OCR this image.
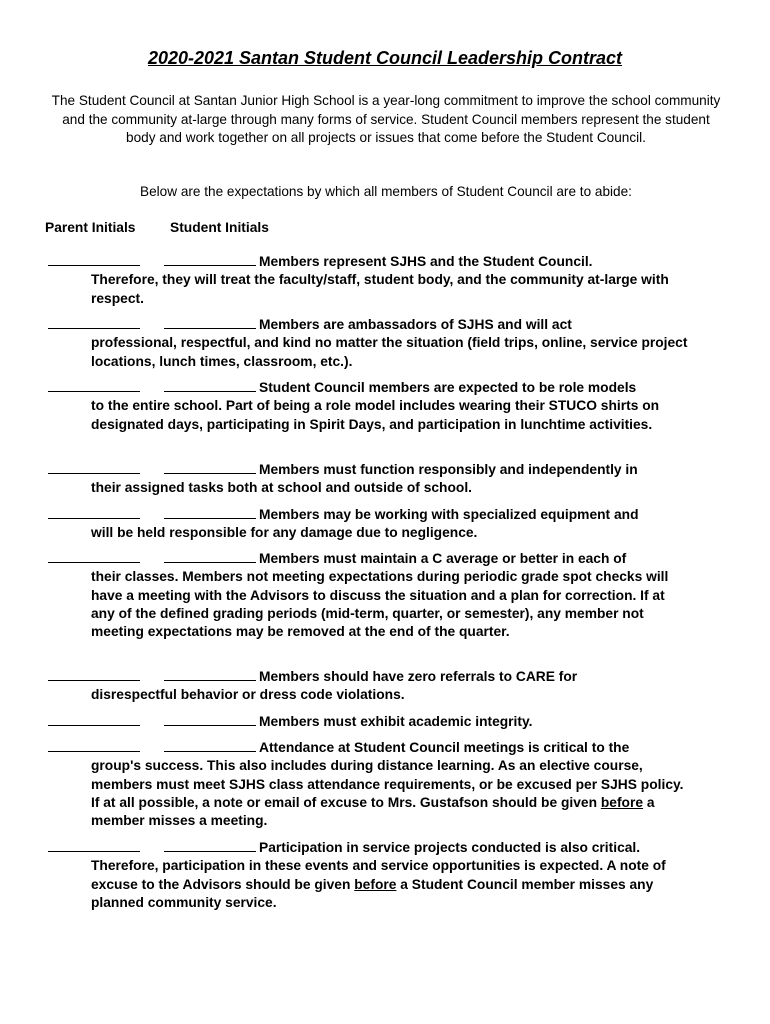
2020-2021 Santan Student Council Leadership Contract
The Student Council at Santan Junior High School is a year-long commitment to improve the school community and the community at-large through many forms of service. Student Council members represent the student body and work together on all projects or issues that come before the Student Council.
Below are the expectations by which all members of Student Council are to abide:
Parent Initials	Student Initials
Members represent SJHS and the Student Council.
Therefore, they will treat the faculty/staff, student body, and the community at-large with respect.
Members are ambassadors of SJHS and will act
professional, respectful, and kind no matter the situation (field trips, online, service project locations, lunch times, classroom, etc.).
Student Council members are expected to be role models
to the entire school. Part of being a role model includes wearing their STUCO shirts on designated days, participating in Spirit Days, and participation in lunchtime activities.
Members must function responsibly and independently in
their assigned tasks both at school and outside of school.
Members may be working with specialized equipment and
will be held responsible for any damage due to negligence.
Members must maintain a C average or better in each of
their classes. Members not meeting expectations during periodic grade spot checks will have a meeting with the Advisors to discuss the situation and a plan for correction. If at any of the defined grading periods (mid-term, quarter, or semester), any member not meeting expectations may be removed at the end of the quarter.
Members should have zero referrals to CARE for
disrespectful behavior or dress code violations.
Members must exhibit academic integrity.
Attendance at Student Council meetings is critical to the
group's success. This also includes during distance learning. As an elective course, members must meet SJHS class attendance requirements, or be excused per SJHS policy. If at all possible, a note or email of excuse to Mrs. Gustafson should be given before a member misses a meeting.
Participation in service projects conducted is also critical.
Therefore, participation in these events and service opportunities is expected. A note of excuse to the Advisors should be given before a Student Council member misses any planned community service.
